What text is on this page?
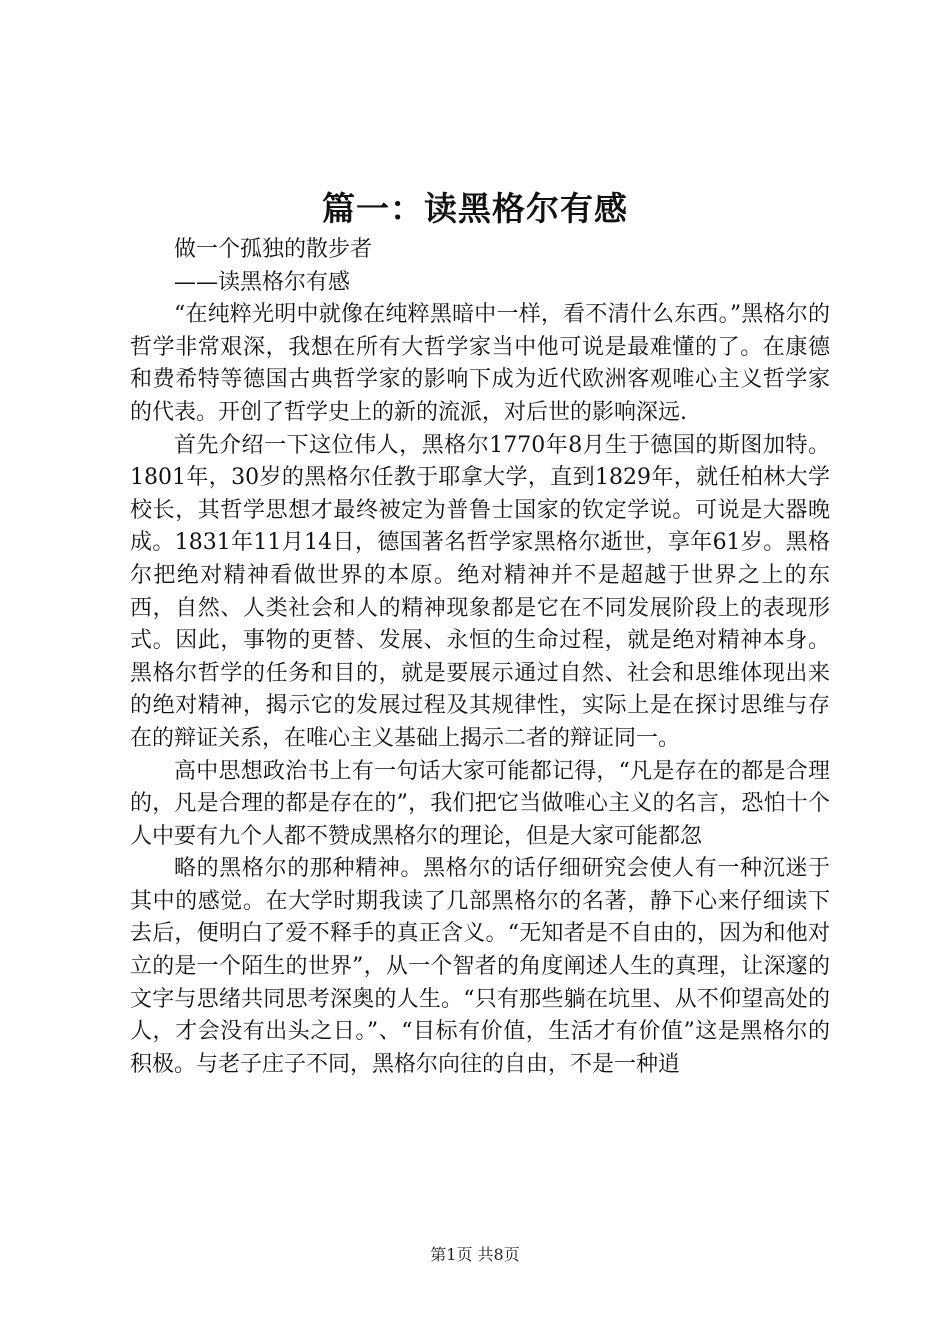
篇一：读黑格尔有感

做一个孤独的散步者

——读黑格尔有感

“在纯粹光明中就像在纯粹黑暗中一样，看不清什么东西。”黑格尔的哲学非常艰深，我想在所有大哲学家当中他可说是最难懂的了。在康德和费希特等德国古典哲学家的影响下成为近代欧洲客观唯心主义哲学家的代表。开创了哲学史上的新的流派，对后世的影响深远.

首先介绍一下这位伟人，黑格尔1770年8月生于德国的斯图加特。1801年，30岁的黑格尔任教于耶拿大学，直到1829年，就任柏林大学校长，其哲学思想才最终被定为普鲁士国家的钦定学说。可说是大器晚成。1831年11月14日，德国著名哲学家黑格尔逝世，享年61岁。黑格尔把绝对精神看做世界的本原。绝对精神并不是超越于世界之上的东西，自然、人类社会和人的精神现象都是它在不同发展阶段上的表现形式。因此，事物的更替、发展、永恒的生命过程，就是绝对精神本身。黑格尔哲学的任务和目的，就是要展示通过自然、社会和思维体现出来的绝对精神，揭示它的发展过程及其规律性，实际上是在探讨思维与存在的辩证关系，在唯心主义基础上揭示二者的辩证同一。

高中思想政治书上有一句话大家可能都记得，“凡是存在的都是合理的，凡是合理的都是存在的”，我们把它当做唯心主义的名言，恐怕十个人中要有九个人都不赞成黑格尔的理论，但是大家可能都忽

略的黑格尔的那种精神。黑格尔的话仔细研究会使人有一种沉迷于其中的感觉。在大学时期我读了几部黑格尔的名著，静下心来仔细读下去后，便明白了爱不释手的真正含义。“无知者是不自由的，因为和他对立的是一个陌生的世界”，从一个智者的角度阐述人生的真理，让深邃的文字与思绪共同思考深奥的人生。“只有那些躺在坑里、从不仰望高处的人，才会没有出头之日。”、“目标有价值，生活才有价值”这是黑格尔的积极。与老子庄子不同，黑格尔向往的自由，不是一种逍

第1页 共8页
